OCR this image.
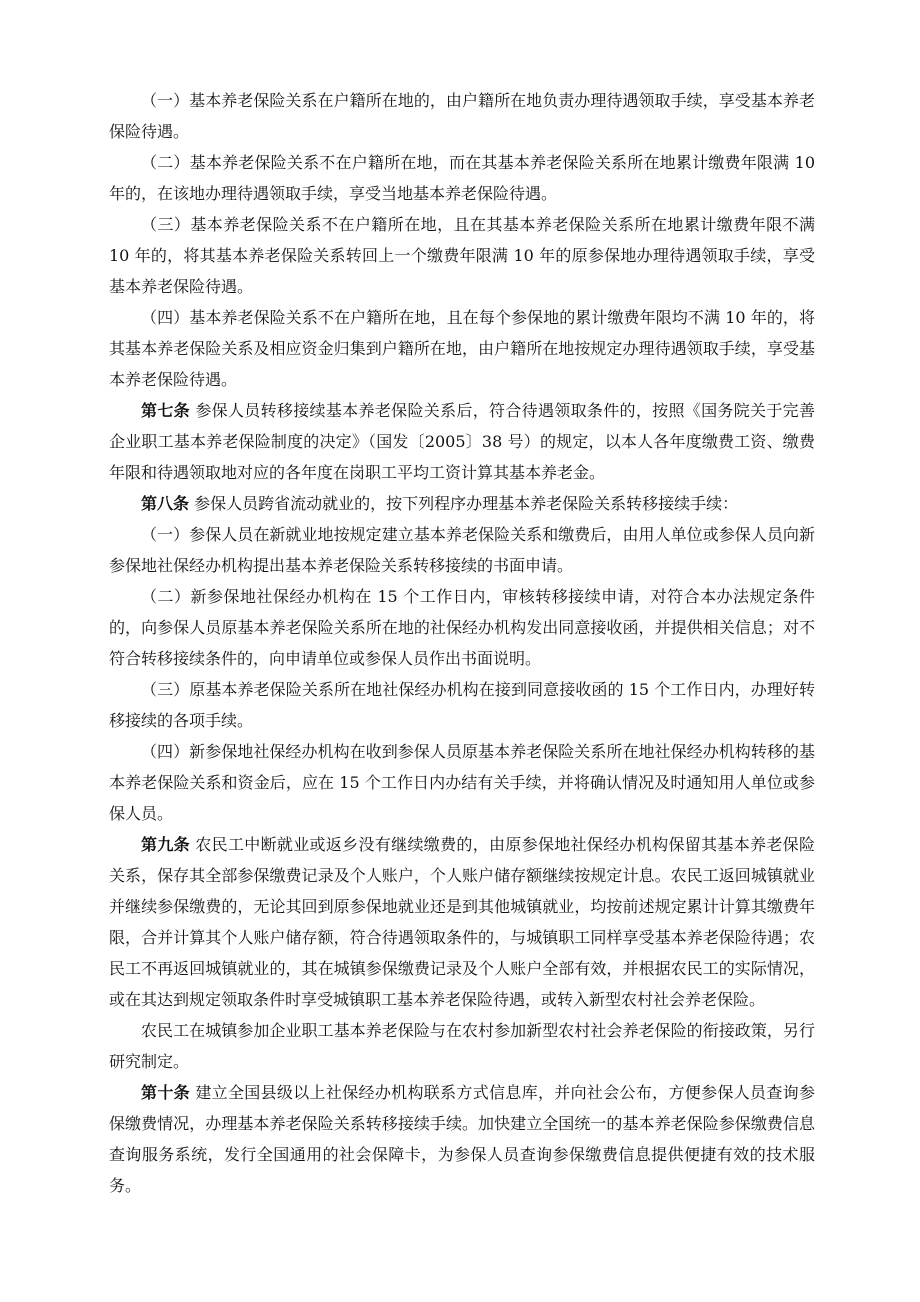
（一）基本养老保险关系在户籍所在地的，由户籍所在地负责办理待遇领取手续，享受基本养老保险待遇。

（二）基本养老保险关系不在户籍所在地，而在其基本养老保险关系所在地累计缴费年限满 10 年的，在该地办理待遇领取手续，享受当地基本养老保险待遇。

（三）基本养老保险关系不在户籍所在地，且在其基本养老保险关系所在地累计缴费年限不满 10 年的，将其基本养老保险关系转回上一个缴费年限满 10 年的原参保地办理待遇领取手续，享受基本养老保险待遇。

（四）基本养老保险关系不在户籍所在地，且在每个参保地的累计缴费年限均不满 10 年的，将其基本养老保险关系及相应资金归集到户籍所在地，由户籍所在地按规定办理待遇领取手续，享受基本养老保险待遇。

第七条 参保人员转移接续基本养老保险关系后，符合待遇领取条件的，按照《国务院关于完善企业职工基本养老保险制度的决定》（国发〔2005〕38 号）的规定，以本人各年度缴费工资、缴费年限和待遇领取地对应的各年度在岗职工平均工资计算其基本养老金。

第八条 参保人员跨省流动就业的，按下列程序办理基本养老保险关系转移接续手续：

（一）参保人员在新就业地按规定建立基本养老保险关系和缴费后，由用人单位或参保人员向新参保地社保经办机构提出基本养老保险关系转移接续的书面申请。

（二）新参保地社保经办机构在 15 个工作日内，审核转移接续申请，对符合本办法规定条件的，向参保人员原基本养老保险关系所在地的社保经办机构发出同意接收函，并提供相关信息；对不符合转移接续条件的，向申请单位或参保人员作出书面说明。

（三）原基本养老保险关系所在地社保经办机构在接到同意接收函的 15 个工作日内，办理好转移接续的各项手续。

（四）新参保地社保经办机构在收到参保人员原基本养老保险关系所在地社保经办机构转移的基本养老保险关系和资金后，应在 15 个工作日内办结有关手续，并将确认情况及时通知用人单位或参保人员。

第九条 农民工中断就业或返乡没有继续缴费的，由原参保地社保经办机构保留其基本养老保险关系，保存其全部参保缴费记录及个人账户，个人账户储存额继续按规定计息。农民工返回城镇就业并继续参保缴费的，无论其回到原参保地就业还是到其他城镇就业，均按前述规定累计计算其缴费年限，合并计算其个人账户储存额，符合待遇领取条件的，与城镇职工同样享受基本养老保险待遇；农民工不再返回城镇就业的，其在城镇参保缴费记录及个人账户全部有效，并根据农民工的实际情况，或在其达到规定领取条件时享受城镇职工基本养老保险待遇，或转入新型农村社会养老保险。

农民工在城镇参加企业职工基本养老保险与在农村参加新型农村社会养老保险的衔接政策，另行研究制定。

第十条 建立全国县级以上社保经办机构联系方式信息库，并向社会公布，方便参保人员查询参保缴费情况，办理基本养老保险关系转移接续手续。加快建立全国统一的基本养老保险参保缴费信息查询服务系统，发行全国通用的社会保障卡，为参保人员查询参保缴费信息提供便捷有效的技术服务。
